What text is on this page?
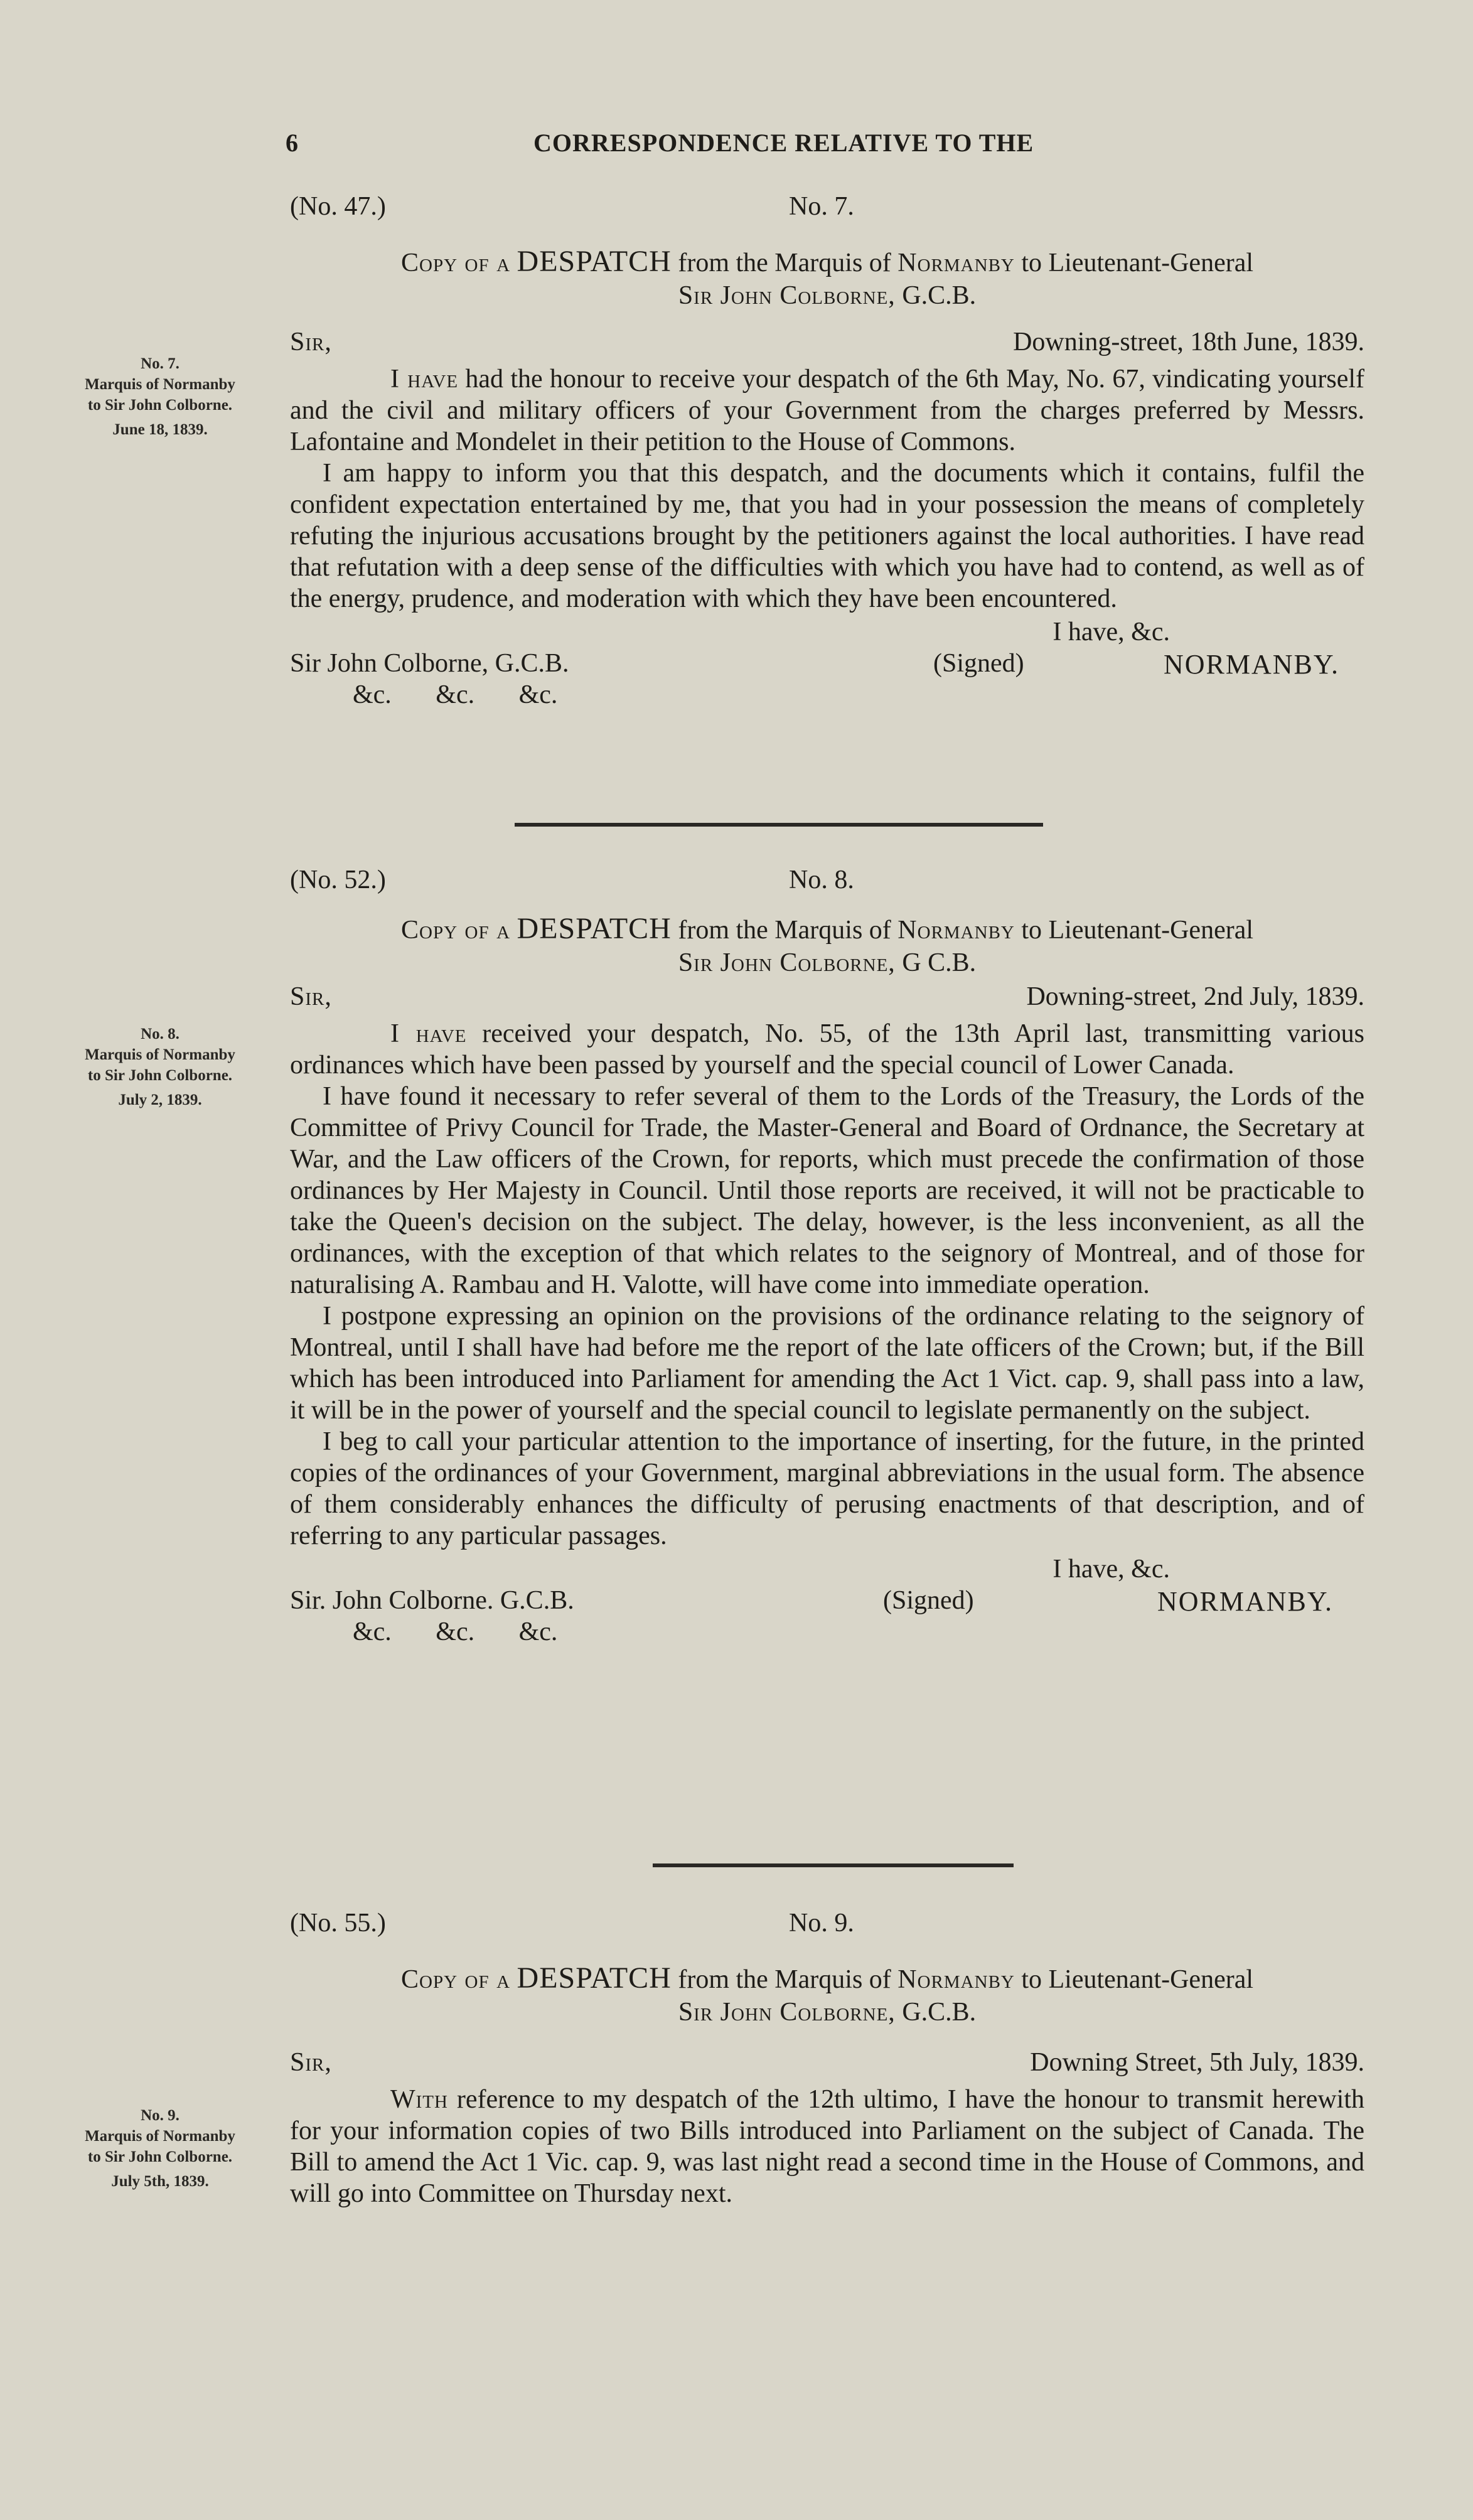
6	CORRESPONDENCE RELATIVE TO THE
No. 7.
Marquis of Normanby
to Sir John Colborne.
June 18, 1839.
(No. 47.)	No. 7.
Copy of a DESPATCH from the Marquis of Normanby to Lieutenant-General
Sir John Colborne, G.C.B.
Sir,	Downing-street, 18th June, 1839.

I have had the honour to receive your despatch of the 6th May, No. 67, vindicating yourself and the civil and military officers of your Government from the charges preferred by Messrs. Lafontaine and Mondelet in their petition to the House of Commons.

I am happy to inform you that this despatch, and the documents which it contains, fulfil the confident expectation entertained by me, that you had in your possession the means of completely refuting the injurious accusations brought by the petitioners against the local authorities. I have read that refutation with a deep sense of the difficulties with which you have had to contend, as well as of the energy, prudence, and moderation with which they have been encountered.

I have, &c.
Sir John Colborne, G.C.B.	(Signed)	NORMANBY.
&c. &c. &c.
No. 8.
Marquis of Normanby
to Sir John Colborne.
July 2, 1839.
(No. 52.)	No. 8.
Copy of a DESPATCH from the Marquis of Normanby to Lieutenant-General
Sir John Colborne, G C.B.
Sir,	Downing-street, 2nd July, 1839.

I have received your despatch, No. 55, of the 13th April last, transmitting various ordinances which have been passed by yourself and the special council of Lower Canada.

I have found it necessary to refer several of them to the Lords of the Treasury, the Lords of the Committee of Privy Council for Trade, the Master-General and Board of Ordnance, the Secretary at War, and the Law officers of the Crown, for reports, which must precede the confirmation of those ordinances by Her Majesty in Council. Until those reports are received, it will not be practicable to take the Queen's decision on the subject. The delay, however, is the less inconvenient, as all the ordinances, with the exception of that which relates to the seignory of Montreal, and of those for naturalising A. Rambau and H. Valotte, will have come into immediate operation.

I postpone expressing an opinion on the provisions of the ordinance relating to the seignory of Montreal, until I shall have had before me the report of the late officers of the Crown; but, if the Bill which has been introduced into Parliament for amending the Act 1 Vict. cap. 9, shall pass into a law, it will be in the power of yourself and the special council to legislate permanently on the subject.

I beg to call your particular attention to the importance of inserting, for the future, in the printed copies of the ordinances of your Government, marginal abbreviations in the usual form. The absence of them considerably enhances the difficulty of perusing enactments of that description, and of referring to any particular passages.

I have, &c.
Sir. John Colborne. G.C.B.	(Signed)	NORMANBY.
&c. &c. &c.
No. 9.
Marquis of Normanby
to Sir John Colborne.
July 5th, 1839.
(No. 55.)	No. 9.
Copy of a DESPATCH from the Marquis of Normanby to Lieutenant-General
Sir John Colborne, G.C.B.
Sir,	Downing Street, 5th July, 1839.

With reference to my despatch of the 12th ultimo, I have the honour to transmit herewith for your information copies of two Bills introduced into Parliament on the subject of Canada. The Bill to amend the Act 1 Vic. cap. 9, was last night read a second time in the House of Commons, and will go into Committee on Thursday next.
